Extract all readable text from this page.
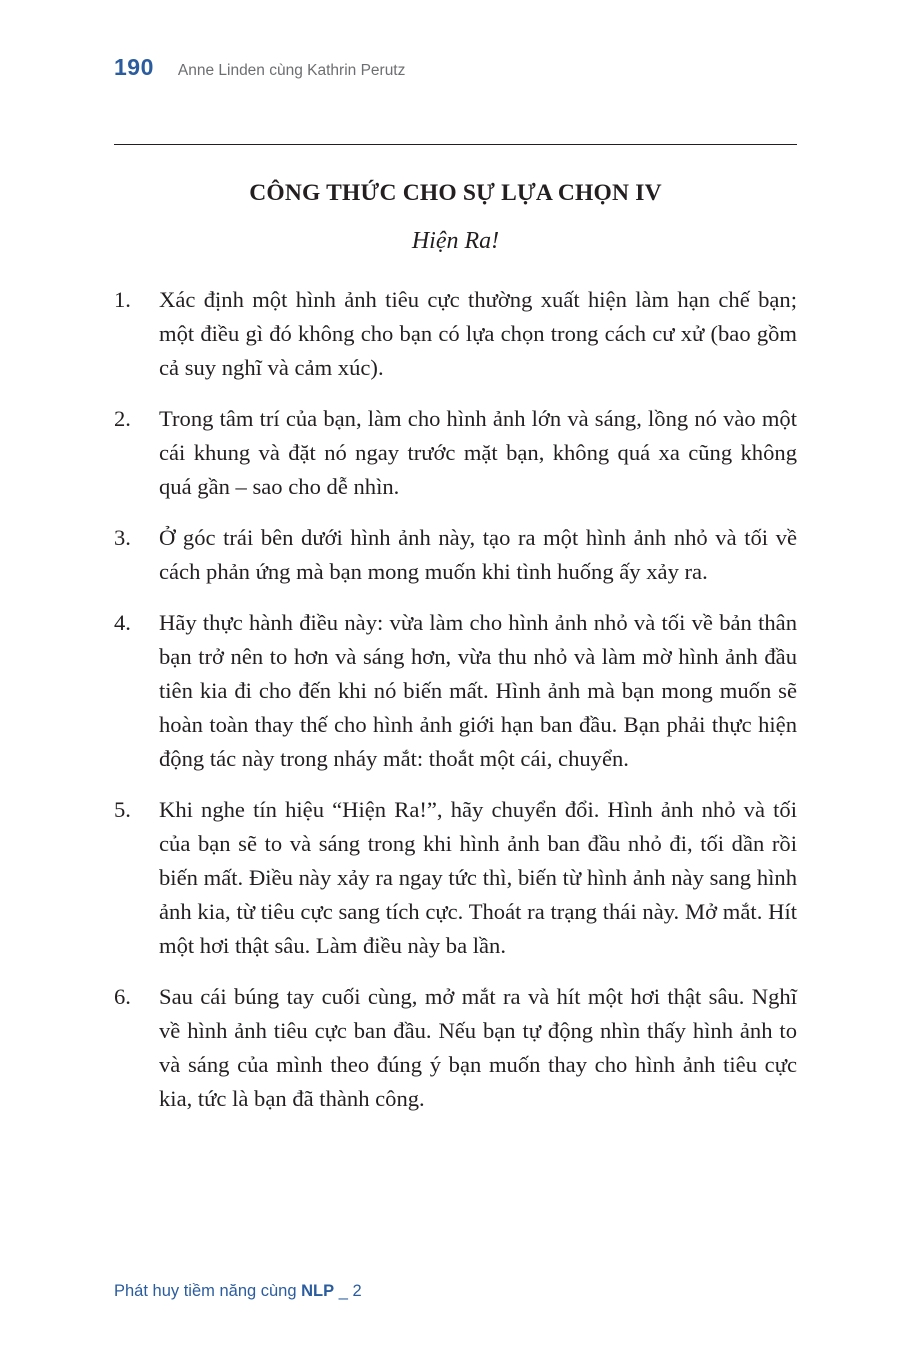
190 Anne Linden cùng Kathrin Perutz
CÔNG THỨC CHO SỰ LỰA CHỌN IV
Hiện Ra!
1.	Xác định một hình ảnh tiêu cực thường xuất hiện làm hạn chế bạn; một điều gì đó không cho bạn có lựa chọn trong cách cư xử (bao gồm cả suy nghĩ và cảm xúc).
2.	Trong tâm trí của bạn, làm cho hình ảnh lớn và sáng, lồng nó vào một cái khung và đặt nó ngay trước mặt bạn, không quá xa cũng không quá gần – sao cho dễ nhìn.
3.	Ở góc trái bên dưới hình ảnh này, tạo ra một hình ảnh nhỏ và tối về cách phản ứng mà bạn mong muốn khi tình huống ấy xảy ra.
4.	Hãy thực hành điều này: vừa làm cho hình ảnh nhỏ và tối về bản thân bạn trở nên to hơn và sáng hơn, vừa thu nhỏ và làm mờ hình ảnh đầu tiên kia đi cho đến khi nó biến mất. Hình ảnh mà bạn mong muốn sẽ hoàn toàn thay thế cho hình ảnh giới hạn ban đầu. Bạn phải thực hiện động tác này trong nháy mắt: thoắt một cái, chuyển.
5.	Khi nghe tín hiệu “Hiện Ra!”, hãy chuyển đổi. Hình ảnh nhỏ và tối của bạn sẽ to và sáng trong khi hình ảnh ban đầu nhỏ đi, tối dần rồi biến mất. Điều này xảy ra ngay tức thì, biến từ hình ảnh này sang hình ảnh kia, từ tiêu cực sang tích cực. Thoát ra trạng thái này. Mở mắt. Hít một hơi thật sâu. Làm điều này ba lần.
6.	Sau cái búng tay cuối cùng, mở mắt ra và hít một hơi thật sâu. Nghĩ về hình ảnh tiêu cực ban đầu. Nếu bạn tự động nhìn thấy hình ảnh to và sáng của mình theo đúng ý bạn muốn thay cho hình ảnh tiêu cực kia, tức là bạn đã thành công.
Phát huy tiềm năng cùng NLP _ 2
